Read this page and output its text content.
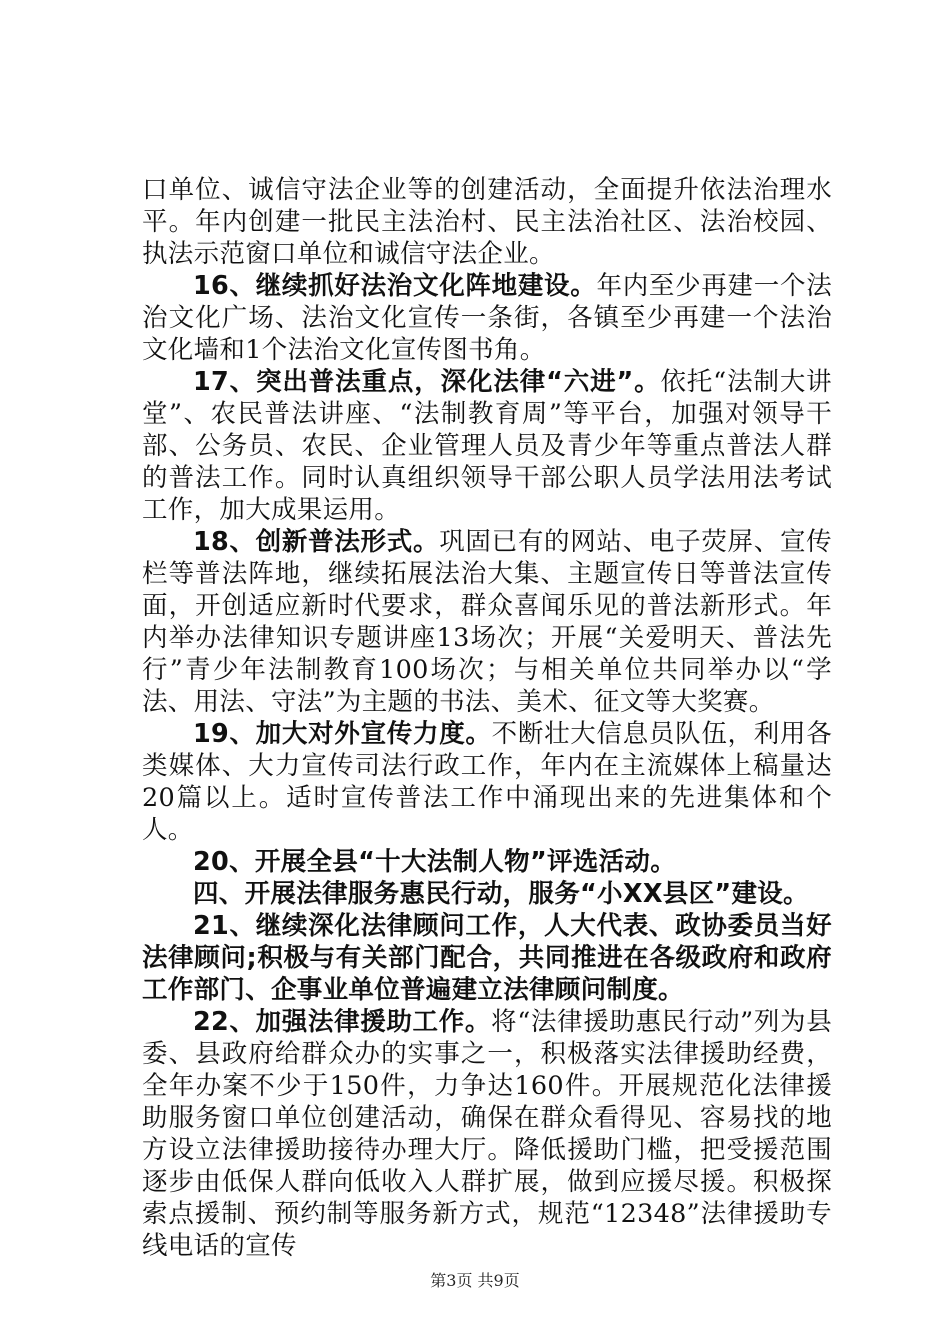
口单位、诚信守法企业等的创建活动，全面提升依法治理水平。年内创建一批民主法治村、民主法治社区、法治校园、执法示范窗口单位和诚信守法企业。

16、继续抓好法治文化阵地建设。年内至少再建一个法治文化广场、法治文化宣传一条街，各镇至少再建一个法治文化墙和1个法治文化宣传图书角。

17、突出普法重点，深化法律“六进”。依托“法制大讲堂”、农民普法讲座、“法制教育周”等平台，加强对领导干部、公务员、农民、企业管理人员及青少年等重点普法人群的普法工作。同时认真组织领导干部公职人员学法用法考试工作，加大成果运用。

18、创新普法形式。巩固已有的网站、电子荧屏、宣传栏等普法阵地，继续拓展法治大集、主题宣传日等普法宣传面，开创适应新时代要求，群众喜闻乐见的普法新形式。年内举办法律知识专题讲座13场次；开展“关爱明天、普法先行”青少年法制教育100场次；与相关单位共同举办以“学法、用法、守法”为主题的书法、美术、征文等大奖赛。

19、加大对外宣传力度。不断壮大信息员队伍，利用各类媒体、大力宣传司法行政工作，年内在主流媒体上稿量达20篇以上。适时宣传普法工作中涌现出来的先进集体和个人。

20、开展全县“十大法制人物”评选活动。

四、开展法律服务惠民行动，服务“小XX县区”建设。

21、继续深化法律顾问工作，人大代表、政协委员当好法律顾问;积极与有关部门配合，共同推进在各级政府和政府工作部门、企事业单位普遍建立法律顾问制度。

22、加强法律援助工作。将“法律援助惠民行动”列为县委、县政府给群众办的实事之一，积极落实法律援助经费，全年办案不少于150件，力争达160件。开展规范化法律援助服务窗口单位创建活动，确保在群众看得见、容易找的地方设立法律援助接待办理大厅。降低援助门槛，把受援范围逐步由低保人群向低收入人群扩展，做到应援尽援。积极探索点援制、预约制等服务新方式，规范“12348”法律援助专线电话的宣传

第3页 共9页
